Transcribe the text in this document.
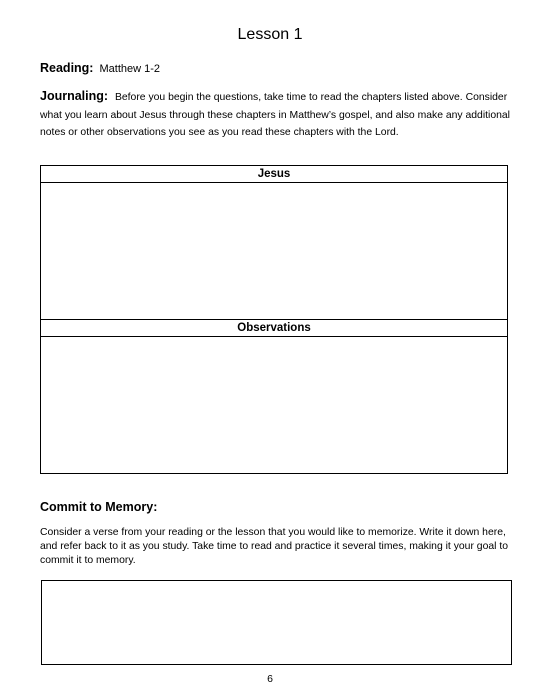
Lesson 1
Reading: Matthew 1-2
Journaling: Before you begin the questions, take time to read the chapters listed above. Consider what you learn about Jesus through these chapters in Matthew’s gospel, and also make any additional notes or other observations you see as you read these chapters with the Lord.
Jesus
Observations
Commit to Memory:
Consider a verse from your reading or the lesson that you would like to memorize. Write it down here, and refer back to it as you study. Take time to read and practice it several times, making it your goal to commit it to memory.
6
